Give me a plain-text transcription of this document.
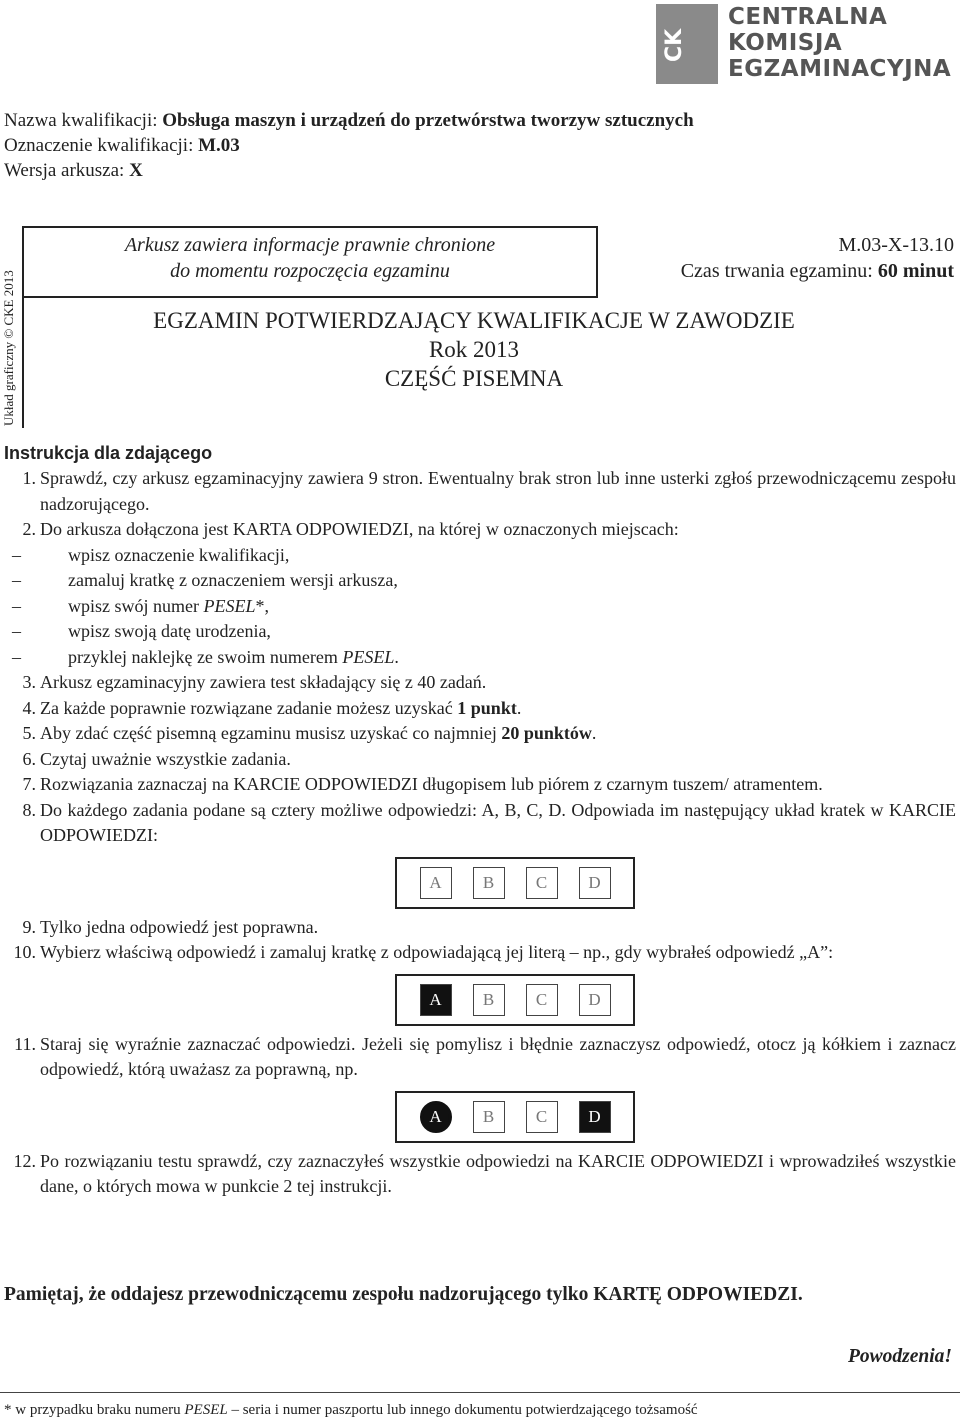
CK
CENTRALNA
KOMISJA
EGZAMINACYJNA
Nazwa kwalifikacji: Obsługa maszyn i urządzeń do przetwórstwa tworzyw sztucznych
Oznaczenie kwalifikacji: M.03
Wersja arkusza: X
Układ graficzny © CKE 2013
Arkusz zawiera informacje prawnie chronione
do momentu rozpoczęcia egzaminu
M.03-X-13.10
Czas trwania egzaminu: 60 minut
EGZAMIN POTWIERDZAJĄCY KWALIFIKACJE W ZAWODZIE
Rok 2013
CZĘŚĆ PISEMNA
Instrukcja dla zdającego
1. Sprawdź, czy arkusz egzaminacyjny zawiera 9 stron. Ewentualny brak stron lub inne usterki zgłoś przewodniczącemu zespołu nadzorującego.
2. Do arkusza dołączona jest KARTA ODPOWIEDZI, na której w oznaczonych miejscach:
–	wpisz oznaczenie kwalifikacji,
–	zamaluj kratkę z oznaczeniem wersji arkusza,
–	wpisz swój numer PESEL*,
–	wpisz swoją datę urodzenia,
–	przyklej naklejkę ze swoim numerem PESEL.
3. Arkusz egzaminacyjny zawiera test składający się z 40 zadań.
4. Za każde poprawnie rozwiązane zadanie możesz uzyskać 1 punkt.
5. Aby zdać część pisemną egzaminu musisz uzyskać co najmniej 20 punktów.
6. Czytaj uważnie wszystkie zadania.
7. Rozwiązania zaznaczaj na KARCIE ODPOWIEDZI długopisem lub piórem z czarnym tuszem/ atramentem.
8. Do każdego zadania podane są cztery możliwe odpowiedzi: A, B, C, D. Odpowiada im następujący układ kratek w KARCIE ODPOWIEDZI:
A	B	C	D
9. Tylko jedna odpowiedź jest poprawna.
10. Wybierz właściwą odpowiedź i zamaluj kratkę z odpowiadającą jej literą – np., gdy wybrałeś odpowiedź „A”:
A	B	C	D
11. Staraj się wyraźnie zaznaczać odpowiedzi. Jeżeli się pomylisz i błędnie zaznaczysz odpowiedź, otocz ją kółkiem i zaznacz odpowiedź, którą uważasz za poprawną, np.
A	B	C	D
12. Po rozwiązaniu testu sprawdź, czy zaznaczyłeś wszystkie odpowiedzi na KARCIE ODPOWIEDZI i wprowadziłeś wszystkie dane, o których mowa w punkcie 2 tej instrukcji.
Pamiętaj, że oddajesz przewodniczącemu zespołu nadzorującego tylko KARTĘ ODPOWIEDZI.
Powodzenia!
* w przypadku braku numeru PESEL – seria i numer paszportu lub innego dokumentu potwierdzającego tożsamość
